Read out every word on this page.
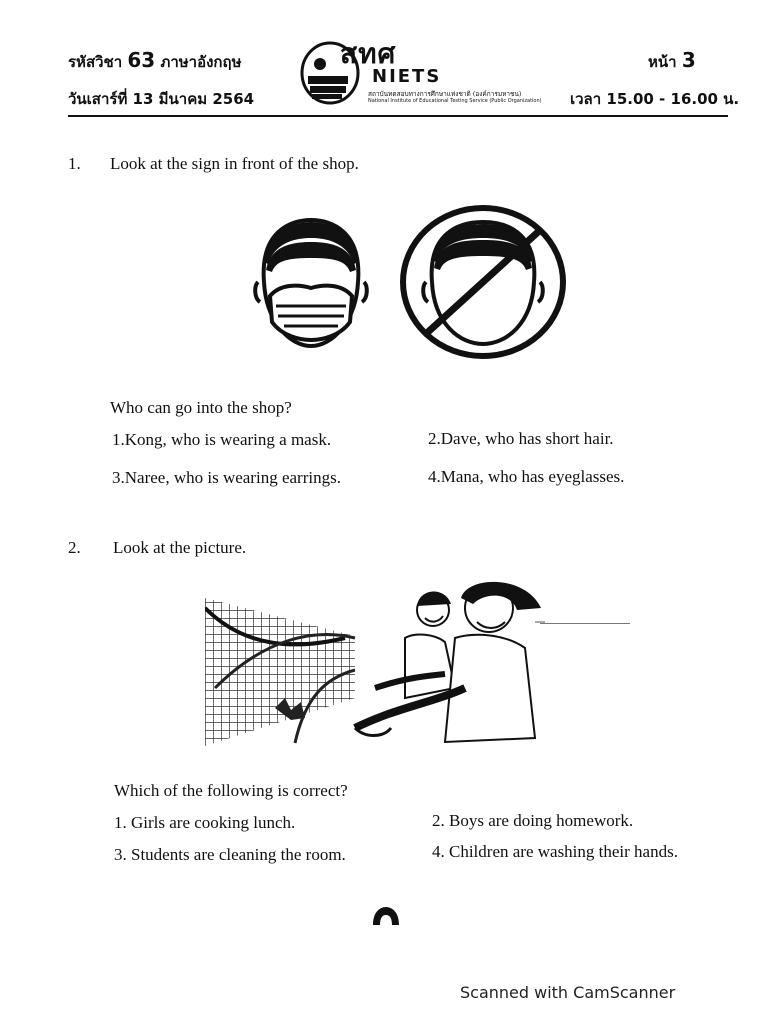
รหัสวิชา 63 ภาษาอังกฤษ
วันเสาร์ที่ 13 มีนาคม 2564
สทศ
NIETS
สถาบันทดสอบทางการศึกษาแห่งชาติ (องค์การมหาชน)
National Institute of Educational Testing Service (Public Organization)
หน้า 3
เวลา 15.00 - 16.00 น.
1. Look at the sign in front of the shop.
Who can go into the shop?
1.Kong, who is wearing a mask.	2.Dave, who has short hair.
3.Naree, who is wearing earrings.	4.Mana, who has eyeglasses.
2. Look at the picture.
Which of the following is correct?
1. Girls are cooking lunch.	2. Boys are doing homework.
3. Students are cleaning the room.	4. Children are washing their hands.
Scanned with CamScanner
